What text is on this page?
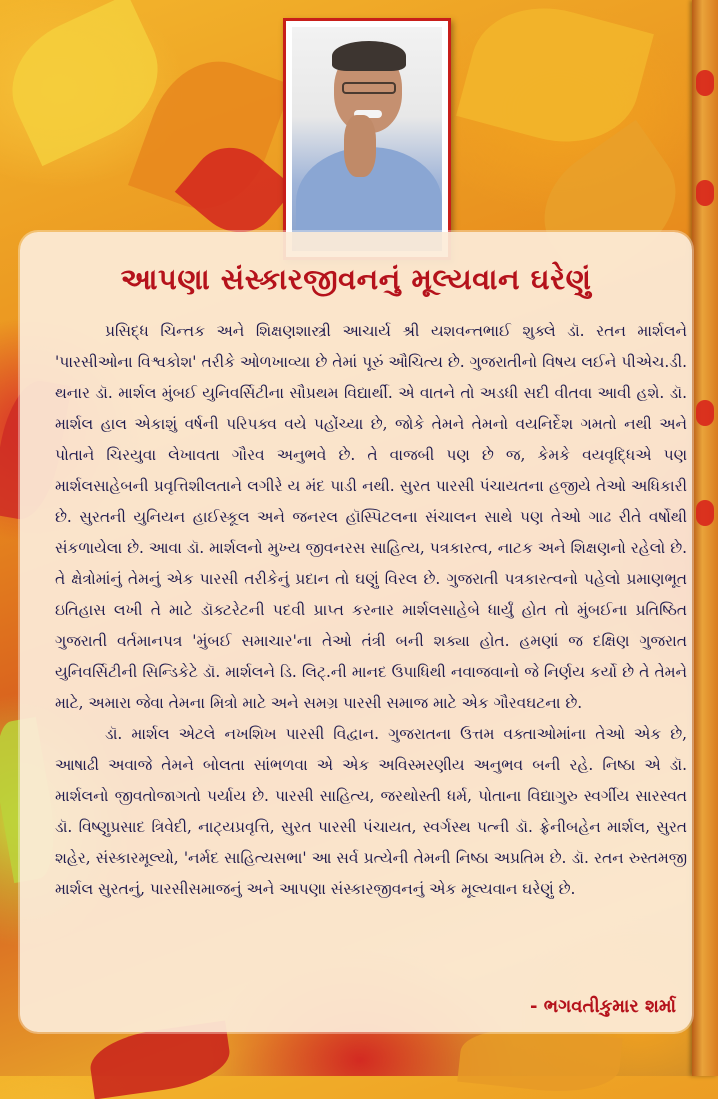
આપણા સંસ્કારજીવનનું મૂલ્યવાન ઘરેણું

પ્રસિદ્ધ ચિન્તક અને શિક્ષણશાસ્ત્રી આચાર્ય શ્રી યશવન્તભાઈ શુક્લે ડૉ. રતન માર્શલને 'પારસીઓના વિશ્વકોશ' તરીકે ઓળખાવ્યા છે તેમાં પૂરું ઔચિત્ય છે. ગુજરાતીનો વિષય લઈને પીએચ.ડી. થનાર ડૉ. માર્શલ મુંબઈ યુનિવર્સિટીના સૌપ્રથમ વિદ્યાર્થી. એ વાતને તો અડધી સદી વીતવા આવી હશે. ડૉ. માર્શલ હાલ એકાશું વર્ષની પરિપક્વ વયે પહોંચ્યા છે, જોકે તેમને તેમનો વયનિર્દેશ ગમતો નથી અને પોતાને ચિરયુવા લેખાવતા ગૌરવ અનુભવે છે. તે વાજબી પણ છે જ, કેમકે વયવૃદ્ધિએ પણ માર્શલસાહેબની પ્રવૃત્તિશીલતાને લગીરે ય મંદ પાડી નથી. સુરત પારસી પંચાયતના હજીયે તેઓ અધિકારી છે. સુરતની યુનિયન હાઈસ્કૂલ અને જનરલ હૉસ્પિટલના સંચાલન સાથે પણ તેઓ ગાઢ રીતે વર્ષોથી સંકળાયેલા છે. આવા ડૉ. માર્શલનો મુખ્ય જીવનરસ સાહિત્ય, પત્રકારત્વ, નાટક અને શિક્ષણનો રહેલો છે. તે ક્ષેત્રોમાંનું તેમનું એક પારસી તરીકેનું પ્રદાન તો ઘણું વિરલ છે. ગુજરાતી પત્રકારત્વનો પહેલો પ્રમાણભૂત ઇતિહાસ લખી તે માટે ડૉક્ટરેટની પદવી પ્રાપ્ત કરનાર માર્શલસાહેબે ધાર્યું હોત તો મુંબઈના પ્રતિષ્ઠિત ગુજરાતી વર્તમાનપત્ર 'મુંબઈ સમાચાર'ના તેઓ તંત્રી બની શક્યા હોત. હમણાં જ દક્ષિણ ગુજરાત યુનિવર્સિટીની સિન્ડિકેટે ડૉ. માર્શલને ડિ. લિટ્.ની માનદ ઉપાધિથી નવાજવાનો જે નિર્ણય કર્યો છે તે તેમને માટે, અમારા જેવા તેમના મિત્રો માટે અને સમગ્ર પારસી સમાજ માટે એક ગૌરવઘટના છે.

ડૉ. માર્શલ એટલે નખશિખ પારસી વિદ્વાન. ગુજરાતના ઉત્તમ વક્તાઓમાંના તેઓ એક છે, આષાઢી અવાજે તેમને બોલતા સાંભળવા એ એક અવિસ્મરણીય અનુભવ બની રહે. નિષ્ઠા એ ડૉ. માર્શલનો જીવતોજાગતો પર્યાય છે. પારસી સાહિત્ય, જરથોસ્તી ધર્મ, પોતાના વિદ્યાગુરુ સ્વર્ગીય સારસ્વત ડૉ. વિષ્ણુપ્રસાદ ત્રિવેદી, નાટ્યપ્રવૃત્તિ, સુરત પારસી પંચાયત, સ્વર્ગસ્થ પત્ની ડૉ. ફ્રેનીબહેન માર્શલ, સુરત શહેર, સંસ્કારમૂલ્યો, 'નર્મદ સાહિત્યસભા' આ સર્વ પ્રત્યેની તેમની નિષ્ઠા અપ્રતિમ છે. ડૉ. રતન રુસ્તમજી માર્શલ સુરતનું, પારસીસમાજનું અને આપણા સંસ્કારજીવનનું એક મૂલ્યવાન ઘરેણું છે.

- ભગવતીકુમાર શર્મા
